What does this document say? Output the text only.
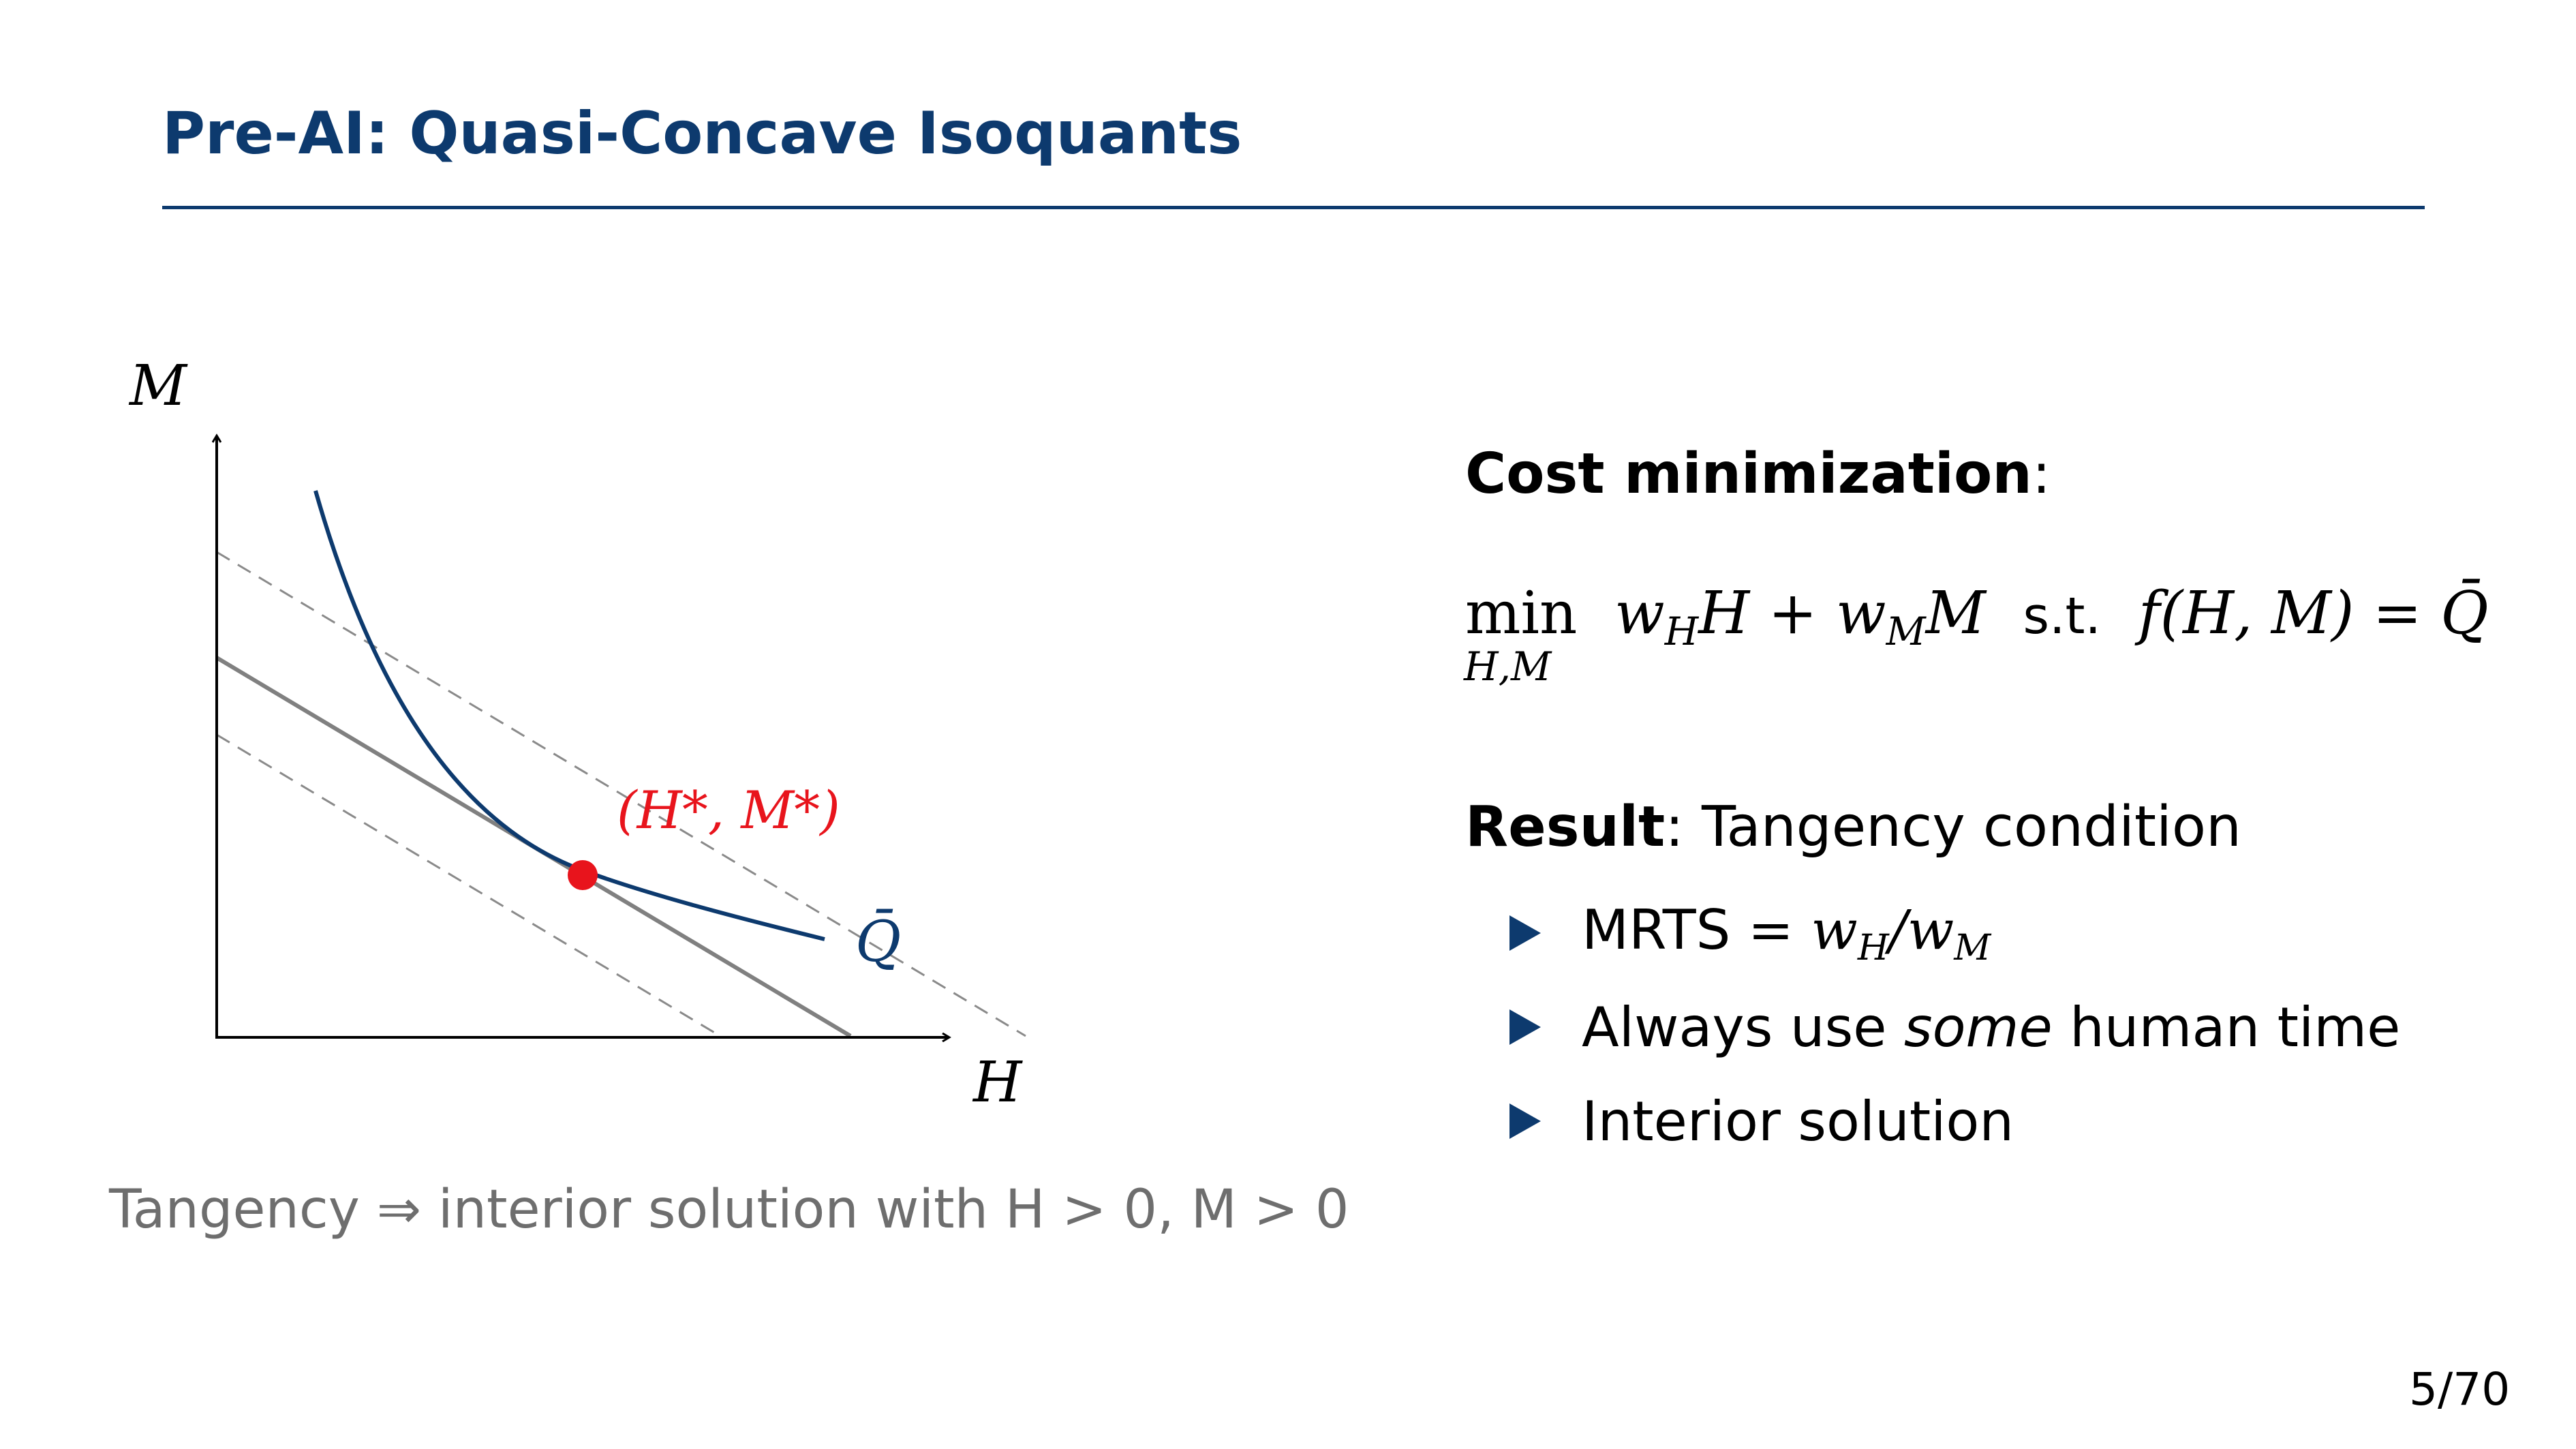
Pre-AI: Quasi-Concave Isoquants
M
H
(H*, M*)
Q̄
Cost minimization:
min
H,M
$w_HH + w_MM$ s.t. f(H, M) = Q̄
Result: Tangency condition
MRTS = $w_H/w_M$
Always use some human time
Interior solution
Tangency ⇒ interior solution with H > 0, M > 0
5/70
